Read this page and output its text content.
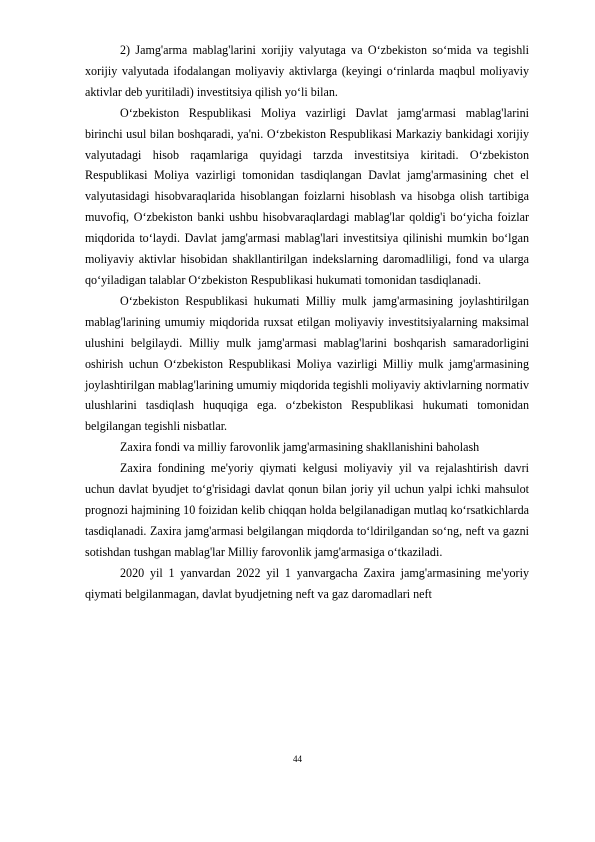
2) Jamg'arma mablag'larini xorijiy valyutaga va O‘zbekiston so‘mida va tegishli xorijiy valyutada ifodalangan moliyaviy aktivlarga (keyingi o‘rinlarda maqbul moliyaviy aktivlar deb yuritiladi) investitsiya qilish yo‘li bilan.

O‘zbekiston Respublikasi Moliya vazirligi Davlat jamg'armasi mablag'larini birinchi usul bilan boshqaradi, ya'ni. O‘zbekiston Respublikasi Markaziy bankidagi xorijiy valyutadagi hisob raqamlariga quyidagi tarzda investitsiya kiritadi. O‘zbekiston Respublikasi Moliya vazirligi tomonidan tasdiqlangan Davlat jamg'armasining chet el valyutasidagi hisobvaraqlarida hisoblangan foizlarni hisoblash va hisobga olish tartibiga muvofiq, O‘zbekiston banki ushbu hisobvaraqlardagi mablag'lar qoldig'i bo‘yicha foizlar miqdorida to‘laydi. Davlat jamg'armasi mablag'lari investitsiya qilinishi mumkin bo‘lgan moliyaviy aktivlar hisobidan shakllantirilgan indekslarning daromadliligi, fond va ularga qo‘yiladigan talablar O‘zbekiston Respublikasi hukumati tomonidan tasdiqlanadi.

O‘zbekiston Respublikasi hukumati Milliy mulk jamg'armasining joylashtirilgan mablag'larining umumiy miqdorida ruxsat etilgan moliyaviy investitsiyalarning maksimal ulushini belgilaydi. Milliy mulk jamg'armasi mablag'larini boshqarish samaradorligini oshirish uchun O‘zbekiston Respublikasi Moliya vazirligi Milliy mulk jamg'armasining joylashtirilgan mablag'larining umumiy miqdorida tegishli moliyaviy aktivlarning normativ ulushlarini tasdiqlash huquqiga ega. o‘zbekiston Respublikasi hukumati tomonidan belgilangan tegishli nisbatlar.

Zaxira fondi va milliy farovonlik jamg'armasining shakllanishini baholash

Zaxira fondining me'yoriy qiymati kelgusi moliyaviy yil va rejalashtirish davri uchun davlat byudjet to‘g'risidagi davlat qonun bilan joriy yil uchun yalpi ichki mahsulot prognozi hajmining 10 foizidan kelib chiqqan holda belgilanadigan mutlaq ko‘rsatkichlarda tasdiqlanadi. Zaxira jamg'armasi belgilangan miqdorda to‘ldirilgandan so‘ng, neft va gazni sotishdan tushgan mablag'lar Milliy farovonlik jamg'armasiga o‘tkaziladi.

2020 yil 1 yanvardan 2022 yil 1 yanvargacha Zaxira jamg'armasining me'yoriy qiymati belgilanmagan, davlat byudjetning neft va gaz daromadlari neft

44
